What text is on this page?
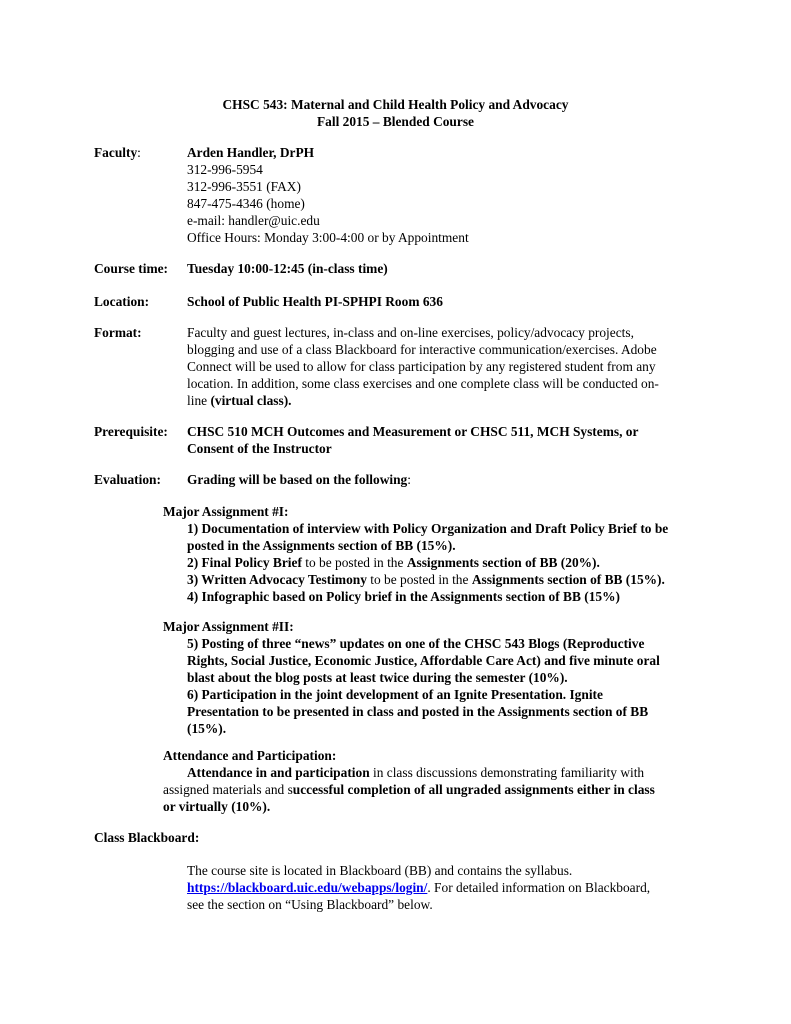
CHSC 543: Maternal and Child Health Policy and Advocacy
Fall 2015 – Blended Course
Faculty:	Arden Handler, DrPH
312-996-5954
312-996-3551 (FAX)
847-475-4346 (home)
e-mail: handler@uic.edu
Office Hours: Monday 3:00-4:00 or by Appointment
Course time: Tuesday 10:00-12:45 (in-class time)
Location:	School of Public Health PI-SPHPI Room 636
Format:	Faculty and guest lectures, in-class and on-line exercises, policy/advocacy projects,
blogging and use of a class Blackboard for interactive communication/exercises. Adobe
Connect will be used to allow for class participation by any registered student from any
location. In addition, some class exercises and one complete class will be conducted on-
line (virtual class).
Prerequisite: CHSC 510 MCH Outcomes and Measurement or CHSC 511, MCH Systems, or
Consent of the Instructor
Evaluation: Grading will be based on the following:
Major Assignment #I:
1) Documentation of interview with Policy Organization and Draft Policy Brief to be
posted in the Assignments section of BB (15%).
2) Final Policy Brief to be posted in the Assignments section of BB (20%).
3) Written Advocacy Testimony to be posted in the Assignments section of BB (15%).
4) Infographic based on Policy brief in the Assignments section of BB (15%)
Major Assignment #II:
5) Posting of three “news” updates on one of the CHSC 543 Blogs (Reproductive
Rights, Social Justice, Economic Justice, Affordable Care Act) and five minute oral
blast about the blog posts at least twice during the semester (10%).
6) Participation in the joint development of an Ignite Presentation. Ignite
Presentation to be presented in class and posted in the Assignments section of BB
(15%).
Attendance and Participation:
Attendance in and participation in class discussions demonstrating familiarity with
assigned materials and successful completion of all ungraded assignments either in class
or virtually (10%).
Class Blackboard:
The course site is located in Blackboard (BB) and contains the syllabus.
https://blackboard.uic.edu/webapps/login/. For detailed information on Blackboard,
see the section on “Using Blackboard” below.
